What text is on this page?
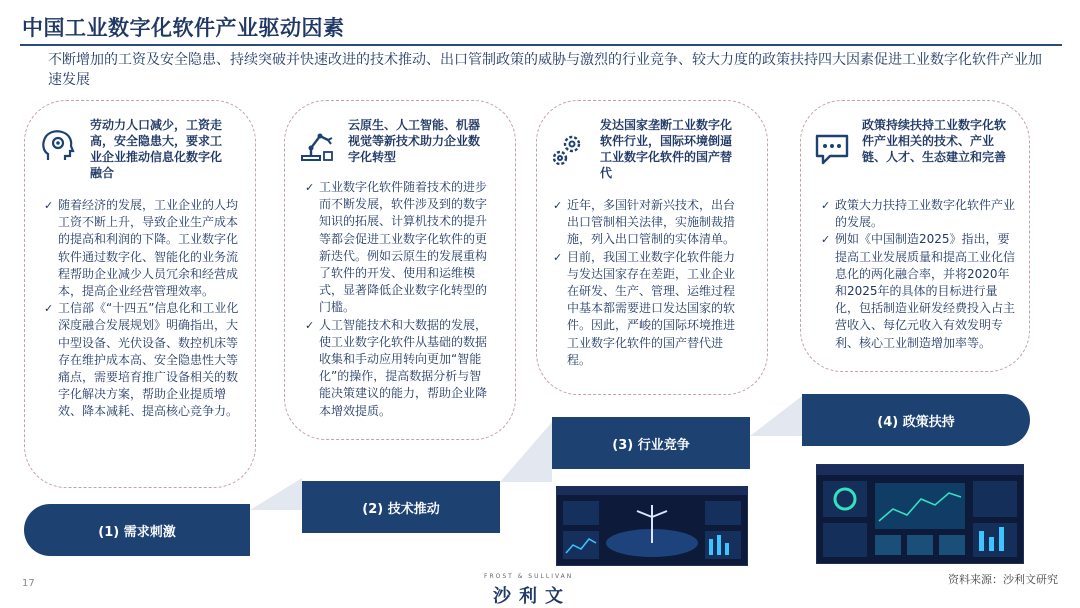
中国工业数字化软件产业驱动因素
不断增加的工资及安全隐患、持续突破并快速改进的技术推动、出口管制政策的威胁与激烈的行业竞争、较大力度的政策扶持四大因素促进工业数字化软件产业加速发展
劳动力人口减少，工资走高，安全隐患大，要求工业企业推动信息化数字化融合
✓ 随着经济的发展，工业企业的人均工资不断上升，导致企业生产成本的提高和利润的下降。工业数字化软件通过数字化、智能化的业务流程帮助企业减少人员冗余和经营成本，提高企业经营管理效率。
✓ 工信部《“十四五”信息化和工业化深度融合发展规划》明确指出，大中型设备、光伏设备、数控机床等存在维护成本高、安全隐患性大等痛点，需要培育推广设备相关的数字化解决方案，帮助企业提质增效、降本减耗、提高核心竞争力。
云原生、人工智能、机器视觉等新技术助力企业数字化转型
✓ 工业数字化软件随着技术的进步而不断发展，软件涉及到的数字知识的拓展、计算机技术的提升等都会促进工业数字化软件的更新迭代。例如云原生的发展重构了软件的开发、使用和运维模式，显著降低企业数字化转型的门槛。
✓ 人工智能技术和大数据的发展，使工业数字化软件从基础的数据收集和手动应用转向更加“智能化”的操作，提高数据分析与智能决策建议的能力，帮助企业降本增效提质。
发达国家垄断工业数字化软件行业，国际环境倒逼工业数字化软件的国产替代
✓ 近年，多国针对新兴技术，出台出口管制相关法律，实施制裁措施，列入出口管制的实体清单。
✓ 目前，我国工业数字化软件能力与发达国家存在差距，工业企业在研发、生产、管理、运维过程中基本都需要进口发达国家的软件。因此，严峻的国际环境推进工业数字化软件的国产替代进程。
政策持续扶持工业数字化软件产业相关的技术、产业链、人才、生态建立和完善
✓ 政策大力扶持工业数字化软件产业的发展。
✓ 例如《中国制造2025》指出，要提高工业发展质量和提高工业化信息化的两化融合率，并将2020年和2025年的具体的目标进行量化，包括制造业研发经费投入占主营收入、每亿元收入有效发明专利、核心工业制造增加率等。
(1) 需求刺激
(2) 技术推动
(3) 行业竞争
(4) 政策扶持
17
FROST & SULLIVAN
沙利文
资料来源：沙利文研究
